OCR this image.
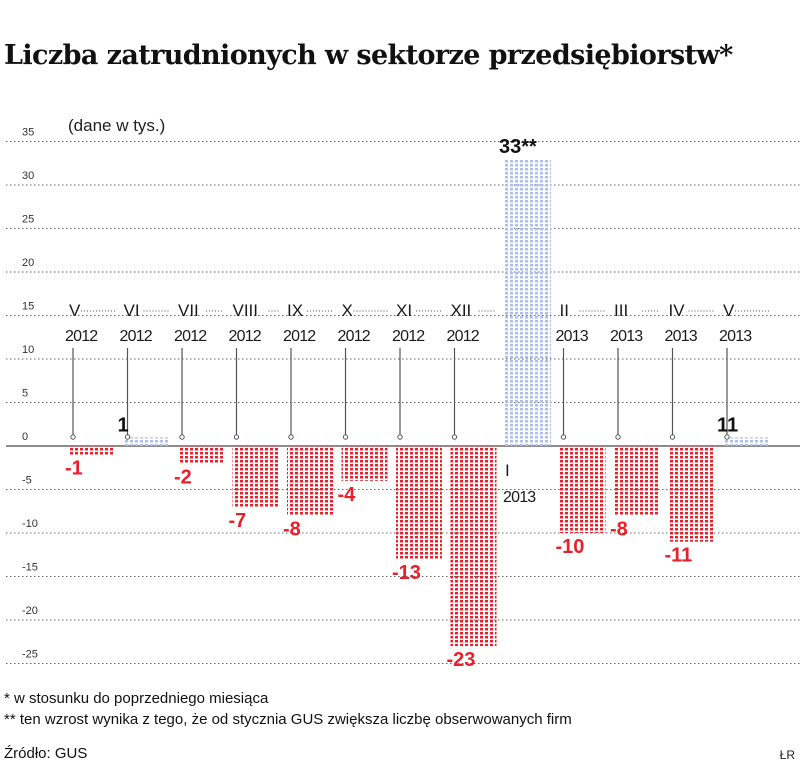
Liczba zatrudnionych w sektorze przedsiębiorstw*
(dane w tys.)
35
30
25
20
15
10
5
0
-5
-10
-15
-20
-25
V
2012
-1
VI
2012
1
VII
2012
-2
VIII
2012
-7
IX
2012
-8
X
2012
-4
XI
2012
-13
XII
2012
-23
I
2013
33**
II
2013
-10
III
2013
-8
IV
2013
-11
V
2013
11
* w stosunku do poprzedniego miesiąca
** ten wzrost wynika z tego, że od stycznia GUS zwiększa liczbę obserwowanych firm
Źródło: GUS	ŁR
